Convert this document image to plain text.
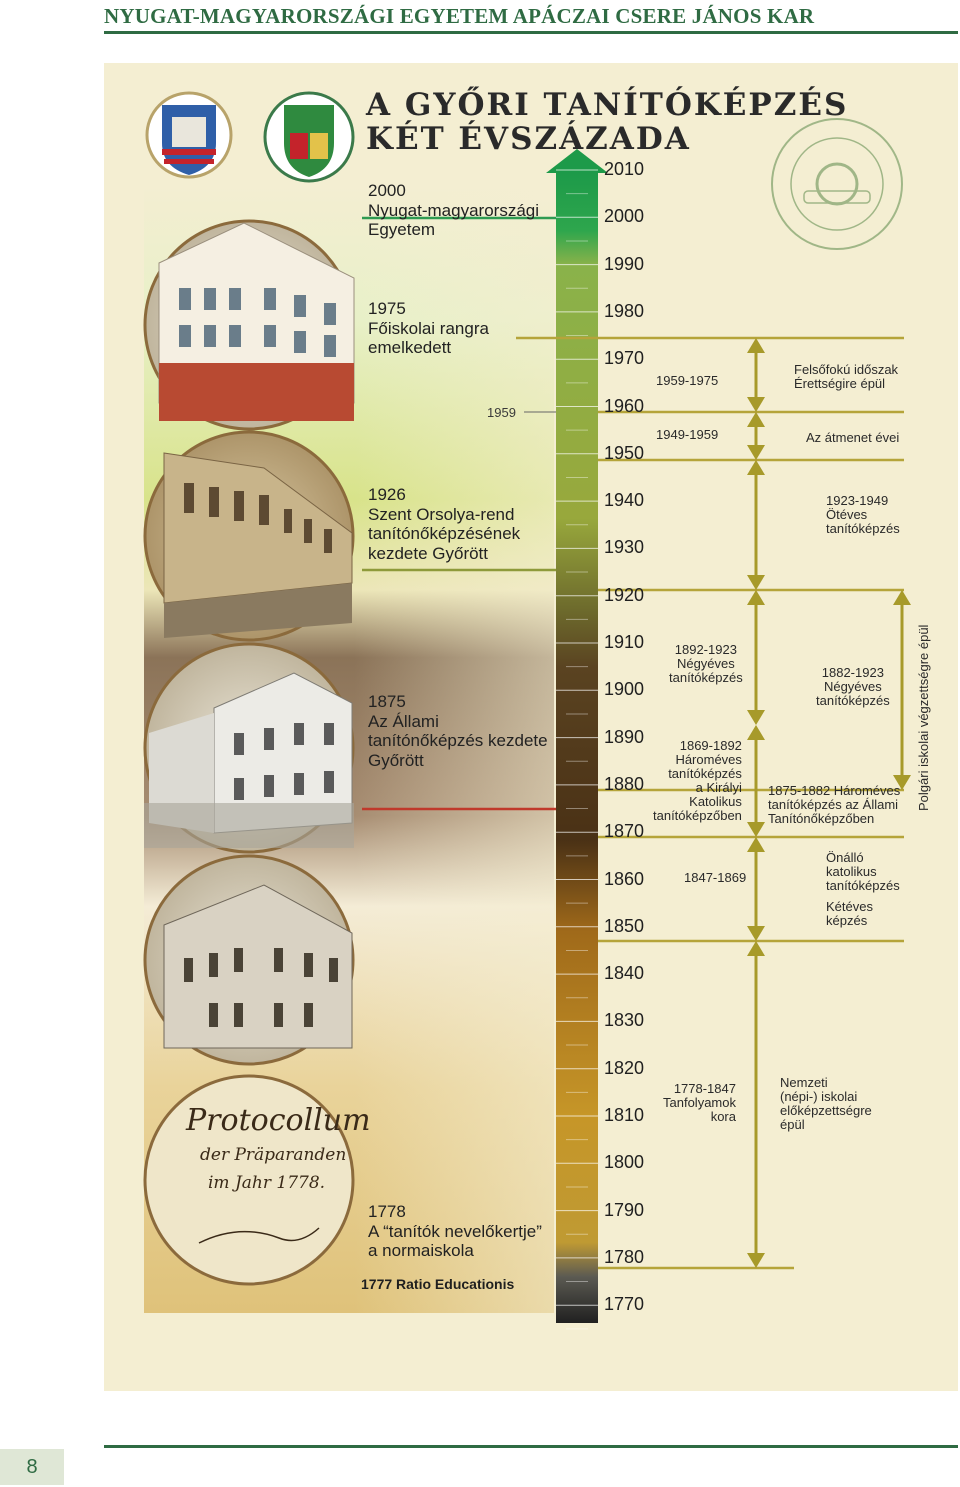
NYUGAT-MAGYARORSZÁGI EGYETEM APÁCZAI CSERE JÁNOS KAR
Protocollum
der Präparanden
im Jahr 1778.
A GYŐRI TANÍTÓKÉPZÉS
KÉT ÉVSZÁZADA
2000
Nyugat-magyarországi
Egyetem
1975
Főiskolai rangra
emelkedett
1926
Szent Orsolya-rend
tanítónőképzésének
kezdete Győrött
1875
Az Állami
tanítónőképzés kezdete
Győrött
1778
A “tanítók nevelőkertje”
a normaiskola
1959
1777 Ratio Educationis
2010
2000
1990
1980
1970
1960
1950
1940
1930
1920
1910
1900
1890
1880
1870
1860
1850
1840
1830
1820
1810
1800
1790
1780
1770
1959-1975
1949-1959
1892-1923
Négyéves
tanítóképzés
1869-1892
Hároméves
tanítóképzés
a Királyi
Katolikus
tanítóképzőben
1847-1869
1778-1847
Tanfolyamok
kora
Felsőfokú időszak
Érettségire épül
Az átmenet évei
1923-1949
Ötéves
tanítóképzés
1882-1923
Négyéves
tanítóképzés
1875-1882 Hároméves
tanítóképzés az Állami
Tanítónőképzőben
Önálló
katolikus
tanítóképzés
Kétéves
képzés
Nemzeti
(népi-) iskolai
előképzettségre
épül
Polgári iskolai végzettségre épül
8
